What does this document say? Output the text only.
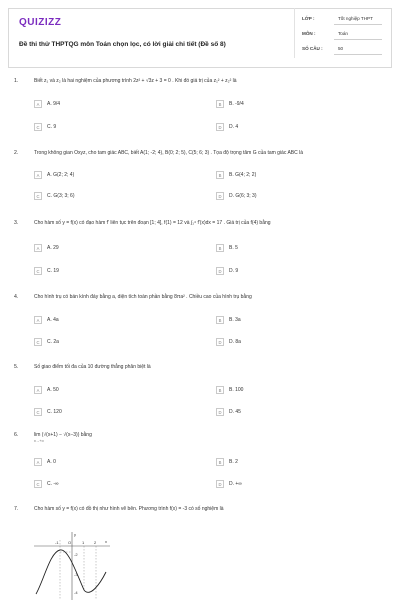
QUIZIZZ
Đề thi thử THPTQG môn Toán chọn lọc, có lời giải chi tiết (Đề số 8)
LỚP :	Tốt nghiệp THPT
MÔN :	Toán
SỐ CÂU :	50
1.	Biết z₁ và z₂ là hai nghiệm của phương trình 2z² + √3z + 3 = 0 . Khi đó giá trị của z₁² + z₂² là
A	A. 9/4	B	B. -9/4
C	C. 9	D	D. 4
2.	Trong không gian Oxyz, cho tam giác ABC, biết A(1; -2; 4), B(0; 2; 5), C(5; 6; 3) . Tọa độ trọng tâm G của tam giác ABC là
A	A. G(2; 2; 4)	B	B. G(4; 2; 2)
C	C. G(3; 3; 6)	D	D. G(6; 3; 3)
3.	Cho hàm số y = f(x) có đạo hàm f' liên tục trên đoạn [1; 4], f(1) = 12 và ∫₁⁴ f'(x)dx = 17 . Giá trị của f(4) bằng
A	A. 29	B	B. 5
C	C. 19	D	D. 9
4.	Cho hình trụ có bán kính đáy bằng a, diện tích toàn phần bằng 8πa² . Chiều cao của hình trụ bằng
A	A. 4a	B	B. 3a
C	C. 2a	D	D. 8a
5.	Số giao điểm tối đa của 10 đường thẳng phân biệt là
A	A. 50	B	B. 100
C	C. 120	D	D. 45
6.	lim (√(x+1) − √(x−3)) bằng
x→+∞
A	A. 0	B	B. 2
C	C. -∞	D	D. +∞
7.	Cho hàm số y = f(x) có đồ thị như hình vẽ bên. Phương trình f(x) = -3 có số nghiệm là
-1 O	1 2
-2
-3
-4
x
y
